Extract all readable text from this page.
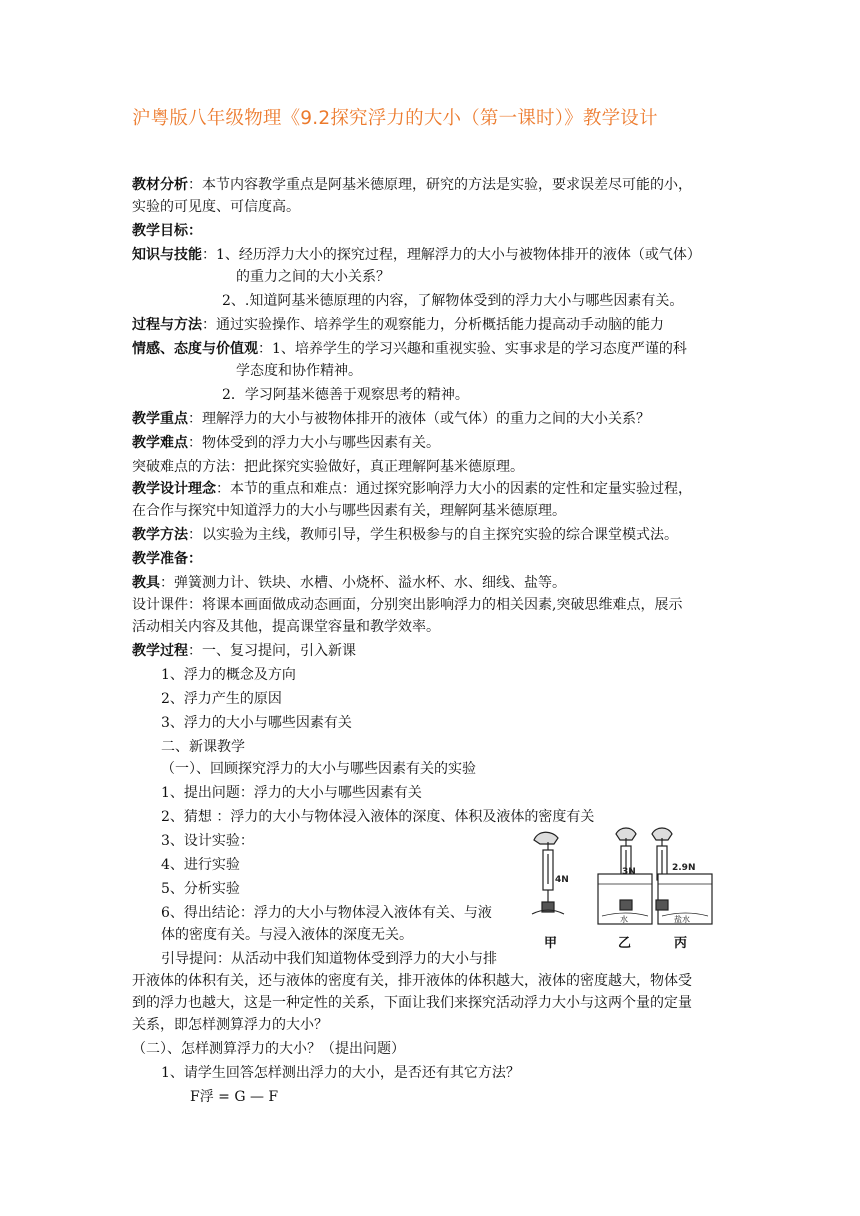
沪粤版八年级物理《9.2探究浮力的大小（第一课时）》教学设计
教材分析：本节内容教学重点是阿基米德原理，研究的方法是实验，要求误差尽可能的小，
实验的可见度、可信度高。
教学目标：
知识与技能：1、经历浮力大小的探究过程，理解浮力的大小与被物体排开的液体（或气体）
的重力之间的大小关系？
2、.知道阿基米德原理的内容，了解物体受到的浮力大小与哪些因素有关。
过程与方法：通过实验操作、培养学生的观察能力，分析概括能力提高动手动脑的能力
情感、态度与价值观：1、培养学生的学习兴趣和重视实验、实事求是的学习态度严谨的科
学态度和协作精神。
2．学习阿基米德善于观察思考的精神。
教学重点：理解浮力的大小与被物体排开的液体（或气体）的重力之间的大小关系？
教学难点：物体受到的浮力大小与哪些因素有关。
突破难点的方法：把此探究实验做好，真正理解阿基米德原理。
教学设计理念：本节的重点和难点：通过探究影响浮力大小的因素的定性和定量实验过程，
在合作与探究中知道浮力的大小与哪些因素有关，理解阿基米德原理。
教学方法：以实验为主线，教师引导，学生积极参与的自主探究实验的综合课堂模式法。
教学准备：
教具：弹簧测力计、铁块、水槽、小烧杯、溢水杯、水、细线、盐等。
设计课件：将课本画面做成动态画面，分别突出影响浮力的相关因素,突破思维难点，展示
活动相关内容及其他，提高课堂容量和教学效率。
教学过程：一、复习提问，引入新课
1、浮力的概念及方向
2、浮力产生的原因
3、浮力的大小与哪些因素有关
二、新课教学
（一）、回顾探究浮力的大小与哪些因素有关的实验
1、提出问题：浮力的大小与哪些因素有关
2、猜想 ：浮力的大小与物体浸入液体的深度、体积及液体的密度有关
3、设计实验：
4、进行实验
5、分析实验
6、得出结论：浮力的大小与物体浸入液体有关、与液
体的密度有关。与浸入液体的深度无关。
引导提问：从活动中我们知道物体受到浮力的大小与排
开液体的体积有关，还与液体的密度有关，排开液体的体积越大，液体的密度越大，物体受
到的浮力也越大，这是一种定性的关系，下面让我们来探究活动浮力大小与这两个量的定量
关系，即怎样测算浮力的大小？
（二）、怎样测算浮力的大小？（提出问题）
1、请学生回答怎样测出浮力的大小，是否还有其它方法？
F浮 = G — F
4N
3N
水
2.9N
盐水
甲	乙	丙
